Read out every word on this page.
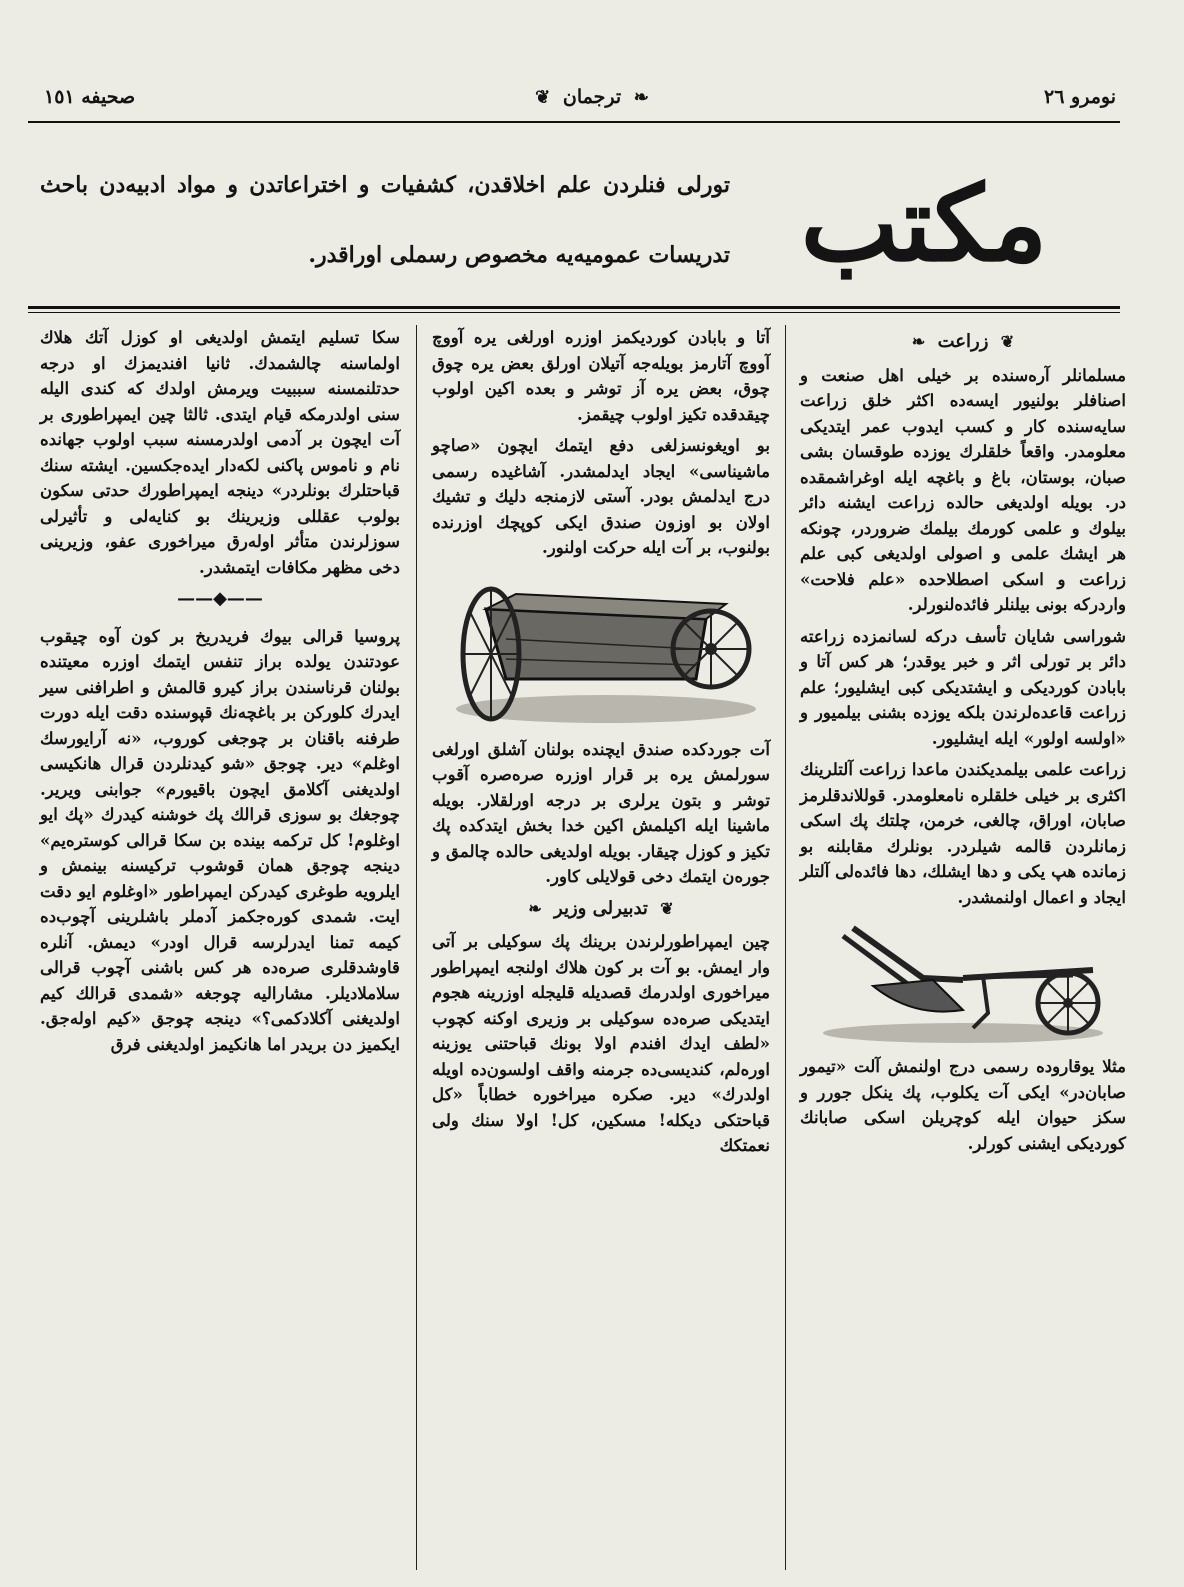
نومرو ٢٦
❦ ترجمان ❧
صحيفه ١٥١
مكتب
تورلى فنلردن علم اخلاقدن، كشفيات و اختراعاتدن و مواد ادبيه‌دن باحث تدريسات عموميه‌يه مخصوص رسملى اوراقدر.
❦ زراعت ❧

مسلمانلر آره‌سنده بر خيلى اهل صنعت و اصنافلر بولنيور ايسه‌ده اكثر خلق زراعت سايه‌سنده كار و كسب ايدوب عمر ايتديكى معلومدر. واقعاً خلقلرك يوزده طوقسان بشى صبان، بوستان، باغ و باغچه ايله اوغراشمقده در. بويله اولديغى حالده زراعت ايشنه دائر بيلوك و علمى كورمك بيلمك ضروردر، چونكه هر ايشك علمى و اصولى اولديغى كبى علم زراعت و اسكى اصطلاحده «علم فلاحت» واردركه بونى بيلنلر فائده‌لنورلر.

شوراسى شايان تأسف دركه لسانمزده زراعته دائر بر تورلى اثر و خبر يوقدر؛ هر كس آتا و بابادن كورديكى و ايشتديكى كبى ايشليور؛ علم زراعت قاعده‌لرندن بلكه يوزده بشنى بيلميور و «اولسه اولور» ايله ايشليور.

زراعت علمى بيلمديكندن ماعدا زراعت آلتلرينك اكثرى بر خيلى خلقلره نامعلومدر. قوللاندقلرمز صابان، اوراق، چالغى، خرمن، چلتك پك اسكى زمانلردن قالمه شيلردر. بونلرك مقابلنه بو زمانده هپ يكى و دها ايشلك، دها فائده‌لى آلتلر ايجاد و اعمال اولنمشدر.

مثلا يوقاروده رسمى درج اولنمش آلت «تيمور صابان‌در» ايكى آت يكلوب، پك ينكل جورر و سكز حيوان ايله كوچريلن اسكى صابانك كورديكى ايشنى كورلر.

آتا و بابادن كورديكمز اوزره اورلغى يره آووچ آووچ آتارمز بويله‌جه آتيلان اورلق بعض يره چوق چوق، بعض يره آز توشر و بعده اكين اولوب چيقدقده تكيز اولوب چيقمز.

بو اويغونسزلغى دفع ايتمك ايچون «صاچو ماشيناسى» ايجاد ايدلمشدر. آشاغيده رسمى درج ايدلمش بودر. آستى لازمنجه دليك و تشيك اولان بو اوزون صندق ايكى كوپچك اوزرنده بولنوب، بر آت ايله حركت اولنور.

آت جوردكده صندق ايچنده بولنان آشلق اورلغى سورلمش يره بر قرار اوزره صره‌صره آقوب توشر و بتون يرلرى بر درجه اورلقلار. بويله ماشينا ايله اكيلمش اكين خدا بخش ايتدكده پك تكيز و كوزل چيقار. بويله اولديغى حالده چالمق و جوره‌ن ايتمك دخى قولايلى كاور.

❦ تدبيرلى وزير ❧

چين ايمپراطورلرندن برينك پك سوكيلى بر آتى وار ايمش. بو آت بر كون هلاك اولنجه ايمپراطور ميراخورى اولدرمك قصديله قليجله اوزرينه هجوم ايتديكى صره‌ده سوكيلى بر وزيرى اوكنه كچوب «لطف ايدك افندم اولا بونك قباحتنى يوزينه اورەلم، كنديسى‌ده جرمنه واقف اولسون‌ده اويله اولدرك» دير. صكره ميراخوره خطاباً «كل قباحتكى ديكله! مسكين، كل! اولا سنك ولى نعمتكك

سكا تسليم ايتمش اولديغى او كوزل آتك هلاك اولماسنه چالشمدك. ثانيا افنديمزك او درجه حدتلنمسنه سببيت ويرمش اولدك كه كندى اليله سنى اولدرمكه قيام ايتدى. ثالثا چين ايمپراطورى بر آت ايچون بر آدمى اولدرمسنه سبب اولوب جهانده نام و ناموس پاكنى لكه‌دار ايده‌جكسين. ايشته سنك قباحتلرك بونلردر» دينجه ايمپراطورك حدتى سكون بولوب عقللى وزيرينك بو كنايه‌لى و تأثيرلى سوزلرندن متأثر اوله‌رق ميراخورى عفو، وزيرينى دخى مظهر مكافات ايتمشدر.

——◆——

پروسيا قرالى بيوك فريدريخ بر كون آوه چيقوب عودتندن يولده براز تنفس ايتمك اوزره معيتنده بولنان قرناسندن براز كيرو قالمش و اطرافنى سير ايدرك كلوركن بر باغچه‌نك قپوسنده دقت ايله دورت طرفنه باقنان بر چوجغى كوروب، «نه آرايورسك اوغلم» دير. چوجق «شو كيدنلردن قرال هانكيسى اولديغنى آكلامق ايچون باقيورم» جوابنى ويرير. چوجغك بو سوزى قرالك پك خوشنه كيدرك «پك ايو اوغلوم! كل تركمه بيندە بن سكا قرالى كوستره‌يم» دينجه چوجق همان قوشوب تركيسنه بينمش و ايلرويه طوغرى كيدركن ايمپراطور «اوغلوم ايو دقت ايت. شمدى كوره‌جكمز آدملر باشلرينى آچوب‌ده كيمه تمنا ايدرلرسه قرال اودر» ديمش. آنلره قاوشدقلرى صره‌ده هر كس باشنى آچوب قرالى سلاملاديلر. مشاراليه چوجغه «شمدى قرالك كيم اولديغنى آكلادكمى؟» دينجه چوجق «كيم اوله‌جق. ايكميز دن بريدر اما هانكيمز اولديغنى فرق
